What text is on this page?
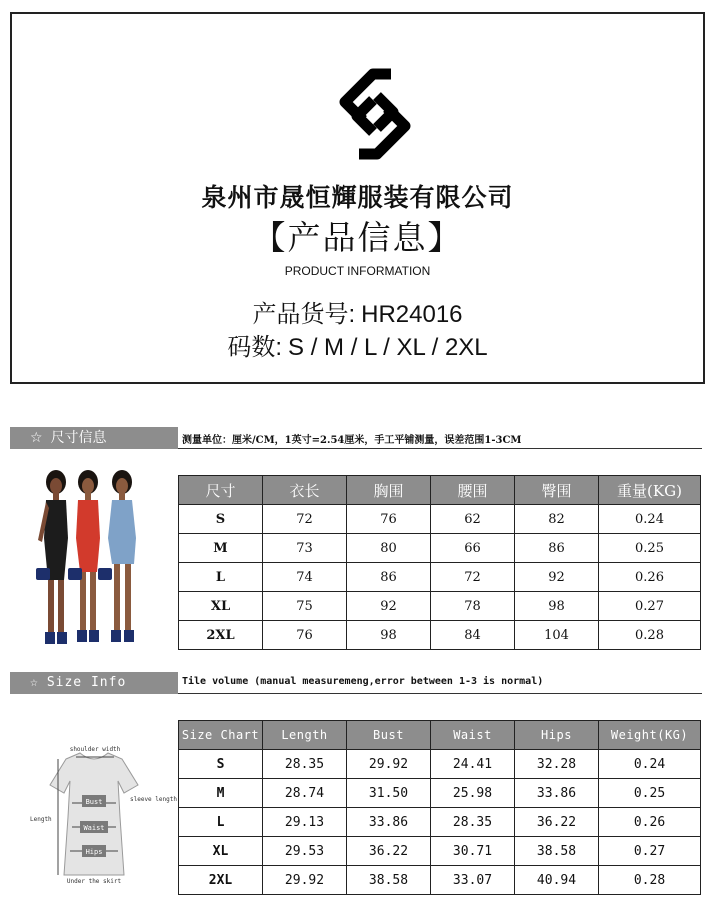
泉州市晟恒輝服装有限公司
【产品信息】
PRODUCT INFORMATION
产品货号: HR24016
码数: S / M / L / XL / 2XL
☆ 尺寸信息	测量单位：厘米/CM，1英寸=2.54厘米，手工平铺测量，误差范围1-3CM
尺寸	衣长	胸围	腰围	臀围	重量(KG)
S	72	76	62	82	0.24
M	73	80	66	86	0.25
L	74	86	72	92	0.26
XL	75	92	78	98	0.27
2XL	76	98	84	104	0.28
☆ Size Info	Tile volume (manual measuremeng,error between 1-3 is normal)
shoulder width
sleeve length
Bust
Waist
Hips
Length
Under the skirt
Size Chart	Length	Bust	Waist	Hips	Weight(KG)
S	28.35	29.92	24.41	32.28	0.24
M	28.74	31.50	25.98	33.86	0.25
L	29.13	33.86	28.35	36.22	0.26
XL	29.53	36.22	30.71	38.58	0.27
2XL	29.92	38.58	33.07	40.94	0.28
